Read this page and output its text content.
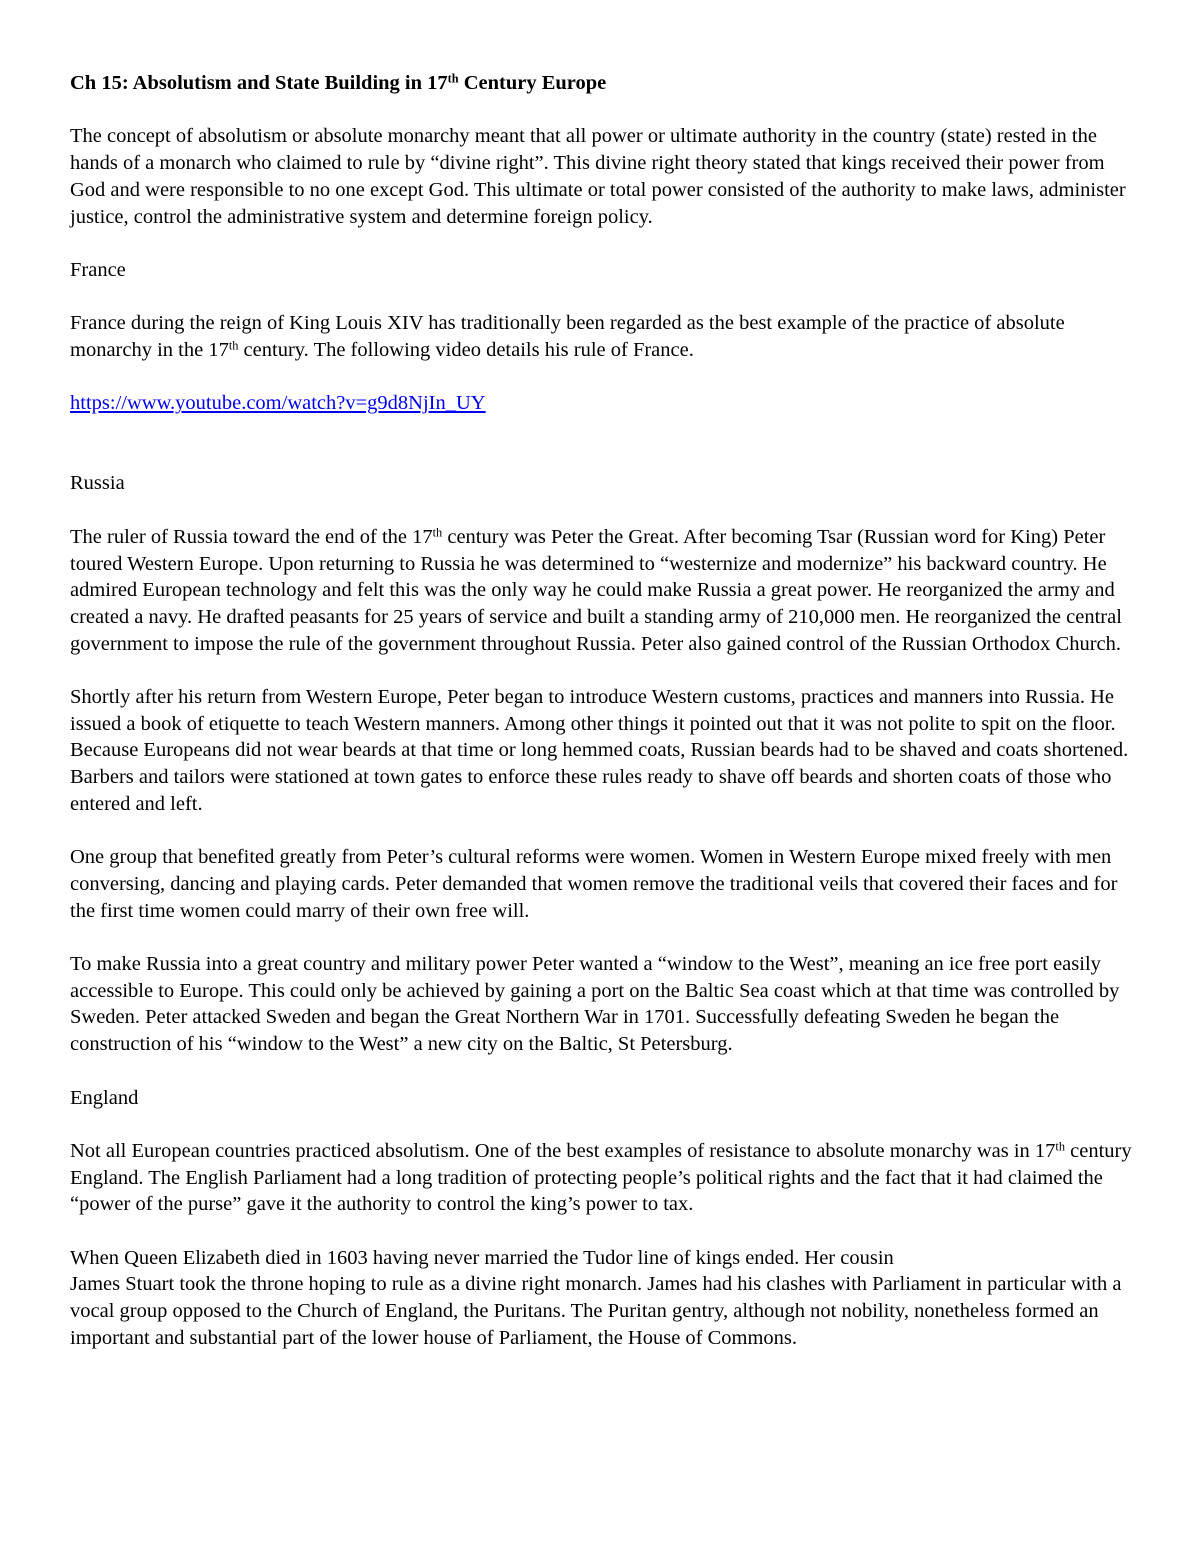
Ch 15: Absolutism and State Building in 17th Century Europe

The concept of absolutism or absolute monarchy meant that all power or ultimate authority in the country (state) rested in the hands of a monarch who claimed to rule by “divine right”. This divine right theory stated that kings received their power from God and were responsible to no one except God. This ultimate or total power consisted of the authority to make laws, administer justice, control the administrative system and determine foreign policy.

France

France during the reign of King Louis XIV has traditionally been regarded as the best example of the practice of absolute monarchy in the 17th century. The following video details his rule of France.

https://www.youtube.com/watch?v=g9d8NjIn_UY

Russia

The ruler of Russia toward the end of the 17th century was Peter the Great. After becoming Tsar (Russian word for King) Peter toured Western Europe. Upon returning to Russia he was determined to “westernize and modernize” his backward country. He admired European technology and felt this was the only way he could make Russia a great power. He reorganized the army and created a navy. He drafted peasants for 25 years of service and built a standing army of 210,000 men. He reorganized the central government to impose the rule of the government throughout Russia. Peter also gained control of the Russian Orthodox Church.

Shortly after his return from Western Europe, Peter began to introduce Western customs, practices and manners into Russia. He issued a book of etiquette to teach Western manners. Among other things it pointed out that it was not polite to spit on the floor. Because Europeans did not wear beards at that time or long hemmed coats, Russian beards had to be shaved and coats shortened. Barbers and tailors were stationed at town gates to enforce these rules ready to shave off beards and shorten coats of those who entered and left.

One group that benefited greatly from Peter’s cultural reforms were women. Women in Western Europe mixed freely with men conversing, dancing and playing cards. Peter demanded that women remove the traditional veils that covered their faces and for the first time women could marry of their own free will.

To make Russia into a great country and military power Peter wanted a “window to the West”, meaning an ice free port easily accessible to Europe. This could only be achieved by gaining a port on the Baltic Sea coast which at that time was controlled by Sweden. Peter attacked Sweden and began the Great Northern War in 1701. Successfully defeating Sweden he began the construction of his “window to the West” a new city on the Baltic, St Petersburg.

England

Not all European countries practiced absolutism. One of the best examples of resistance to absolute monarchy was in 17th century England. The English Parliament had a long tradition of protecting people’s political rights and the fact that it had claimed the “power of the purse” gave it the authority to control the king’s power to tax.

When Queen Elizabeth died in 1603 having never married the Tudor line of kings ended. Her cousin
James Stuart took the throne hoping to rule as a divine right monarch. James had his clashes with Parliament in particular with a vocal group opposed to the Church of England, the Puritans. The Puritan gentry, although not nobility, nonetheless formed an important and substantial part of the lower house of Parliament, the House of Commons.
